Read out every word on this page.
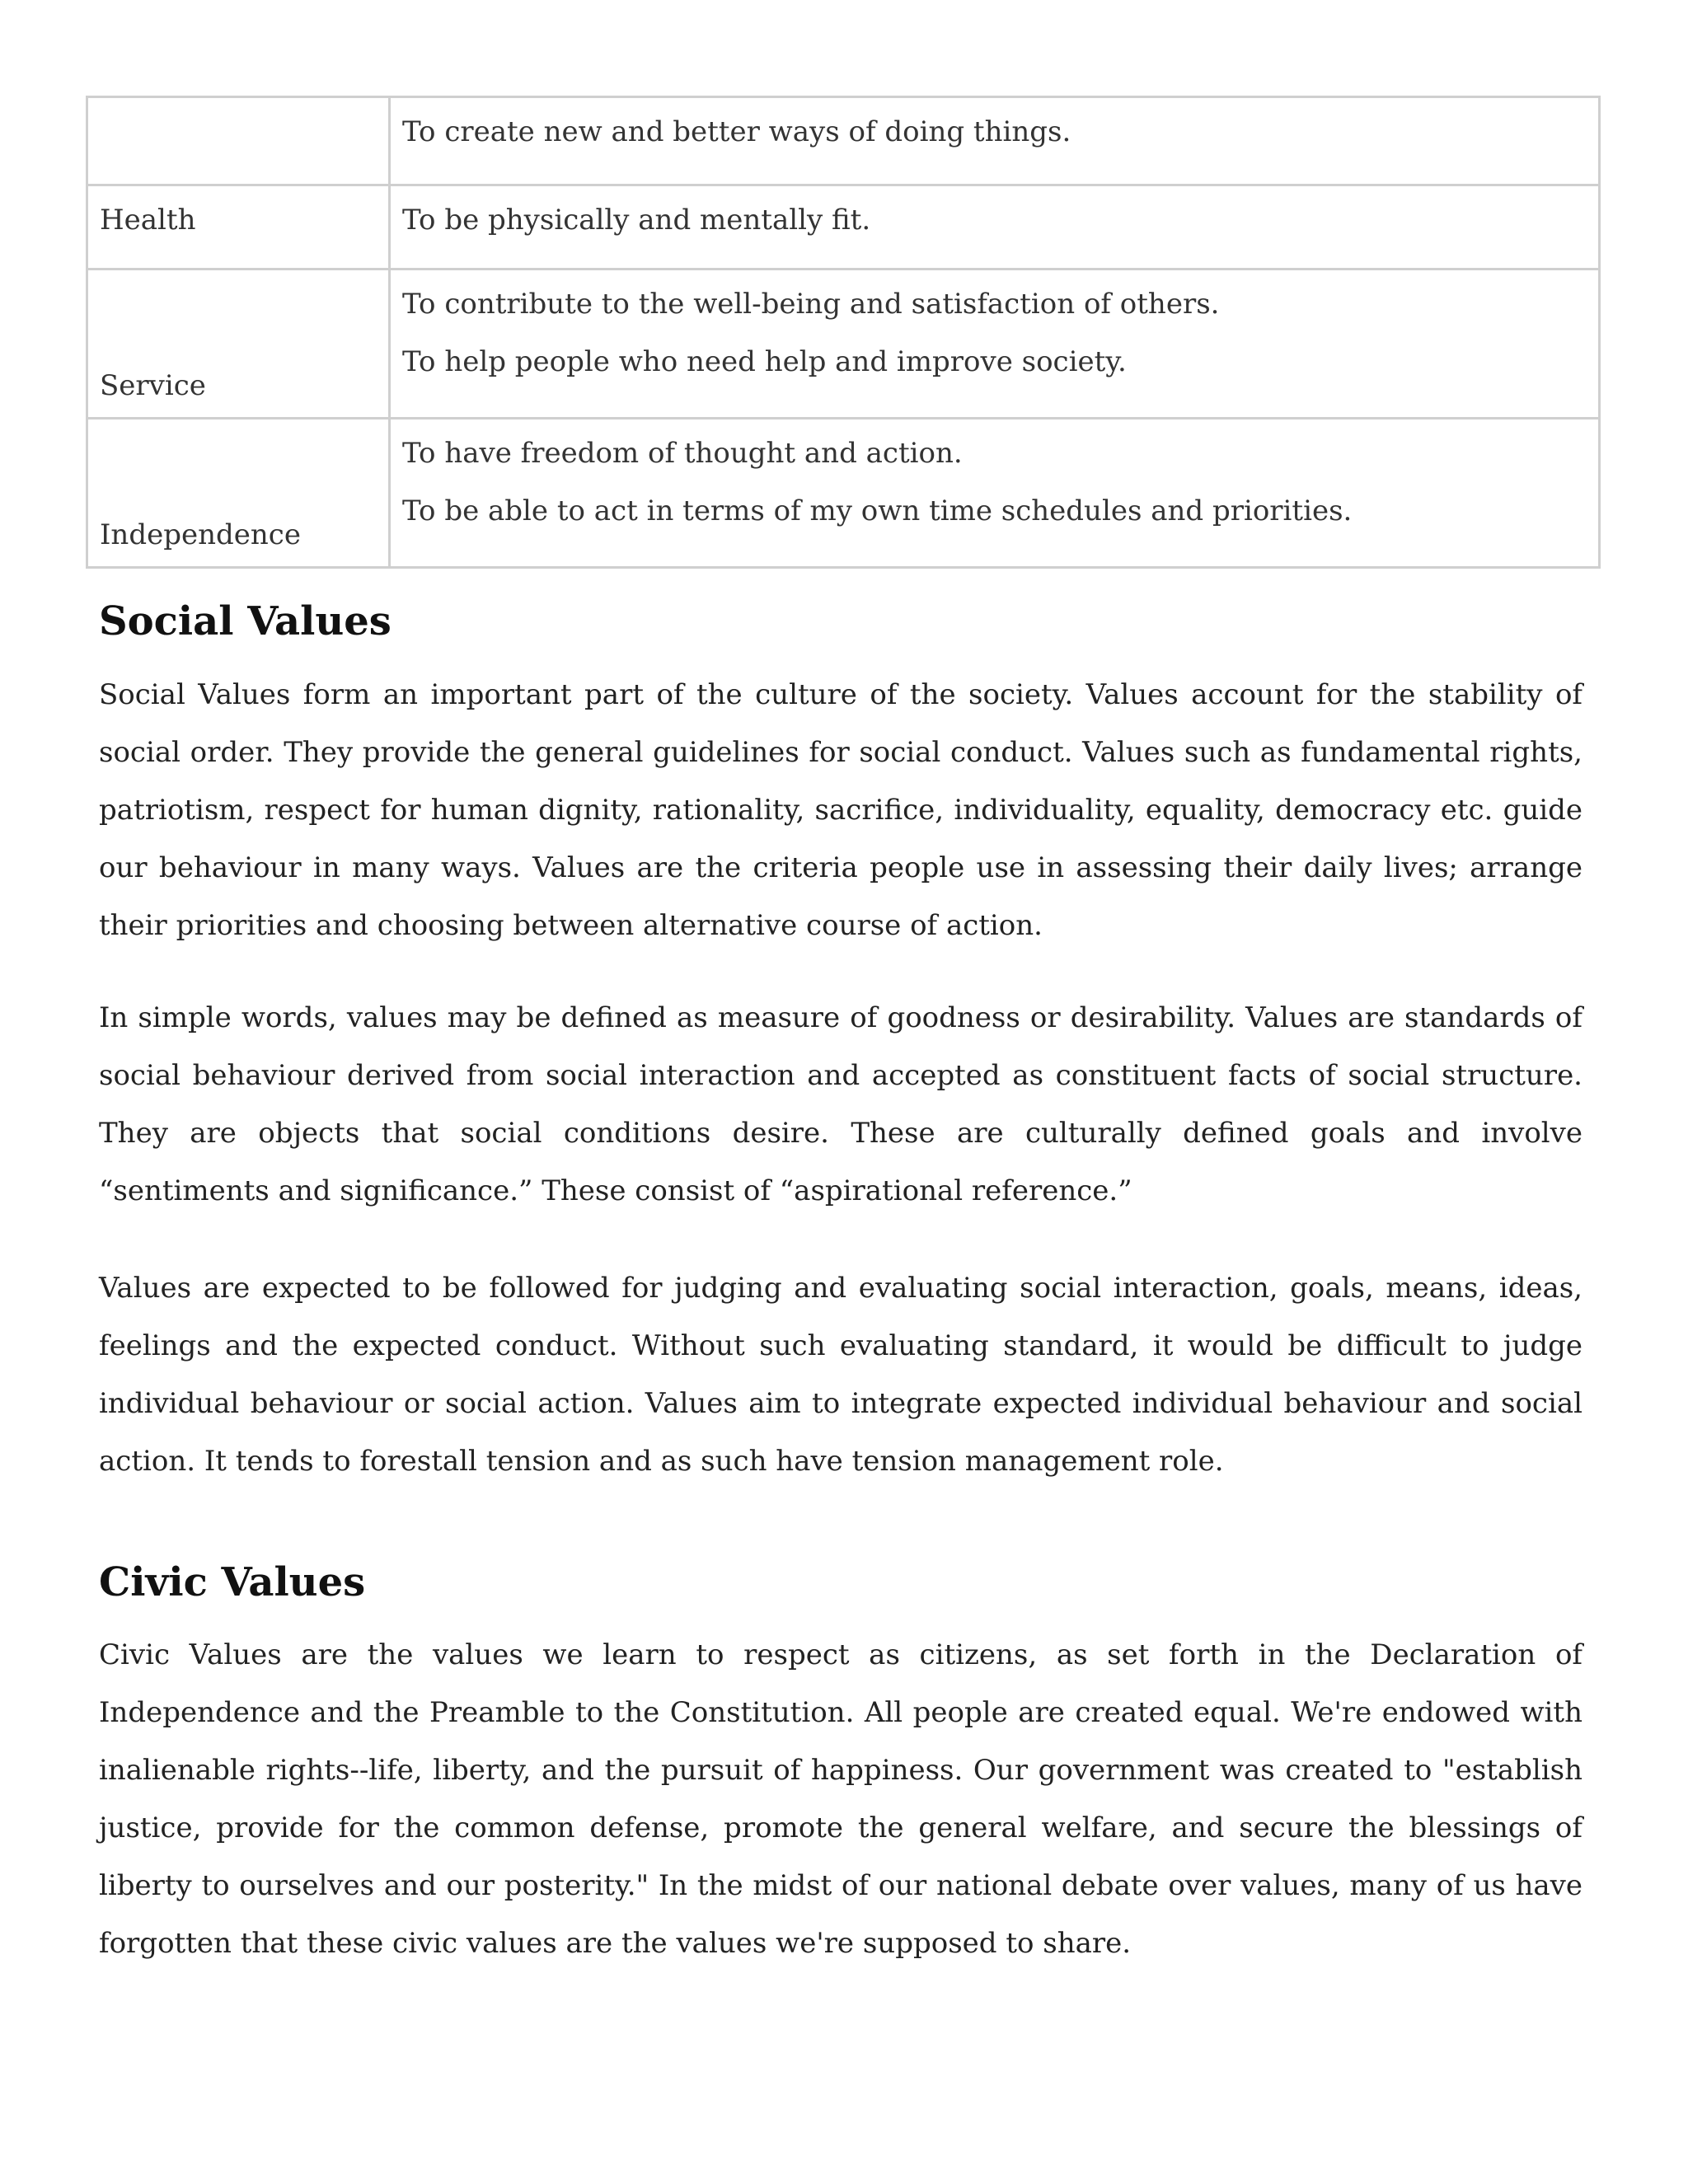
	To create new and better ways of doing things.

Health	To be physically and mentally fit.

Service	To contribute to the well-being and satisfaction of others.
To help people who need help and improve society.

Independence	To have freedom of thought and action.
To be able to act in terms of my own time schedules and priorities.
Social Values

Social Values form an important part of the culture of the society. Values account for the stability of social order. They provide the general guidelines for social conduct. Values such as fundamental rights, patriotism, respect for human dignity, rationality, sacrifice, individuality, equality, democracy etc. guide our behaviour in many ways. Values are the criteria people use in assessing their daily lives; arrange their priorities and choosing between alternative course of action.

In simple words, values may be defined as measure of goodness or desirability. Values are standards of social behaviour derived from social interaction and accepted as constituent facts of social structure. They are objects that social conditions desire. These are culturally defined goals and involve “sentiments and significance.” These consist of “aspirational reference.”

Values are expected to be followed for judging and evaluating social interaction, goals, means, ideas, feelings and the expected conduct. Without such evaluating standard, it would be difficult to judge individual behaviour or social action. Values aim to integrate expected individual behaviour and social action. It tends to forestall tension and as such have tension management role.

Civic Values

Civic Values are the values we learn to respect as citizens, as set forth in the Declaration of Independence and the Preamble to the Constitution. All people are created equal. We're endowed with inalienable rights--life, liberty, and the pursuit of happiness. Our government was created to "establish justice, provide for the common defense, promote the general welfare, and secure the blessings of liberty to ourselves and our posterity." In the midst of our national debate over values, many of us have forgotten that these civic values are the values we're supposed to share.
